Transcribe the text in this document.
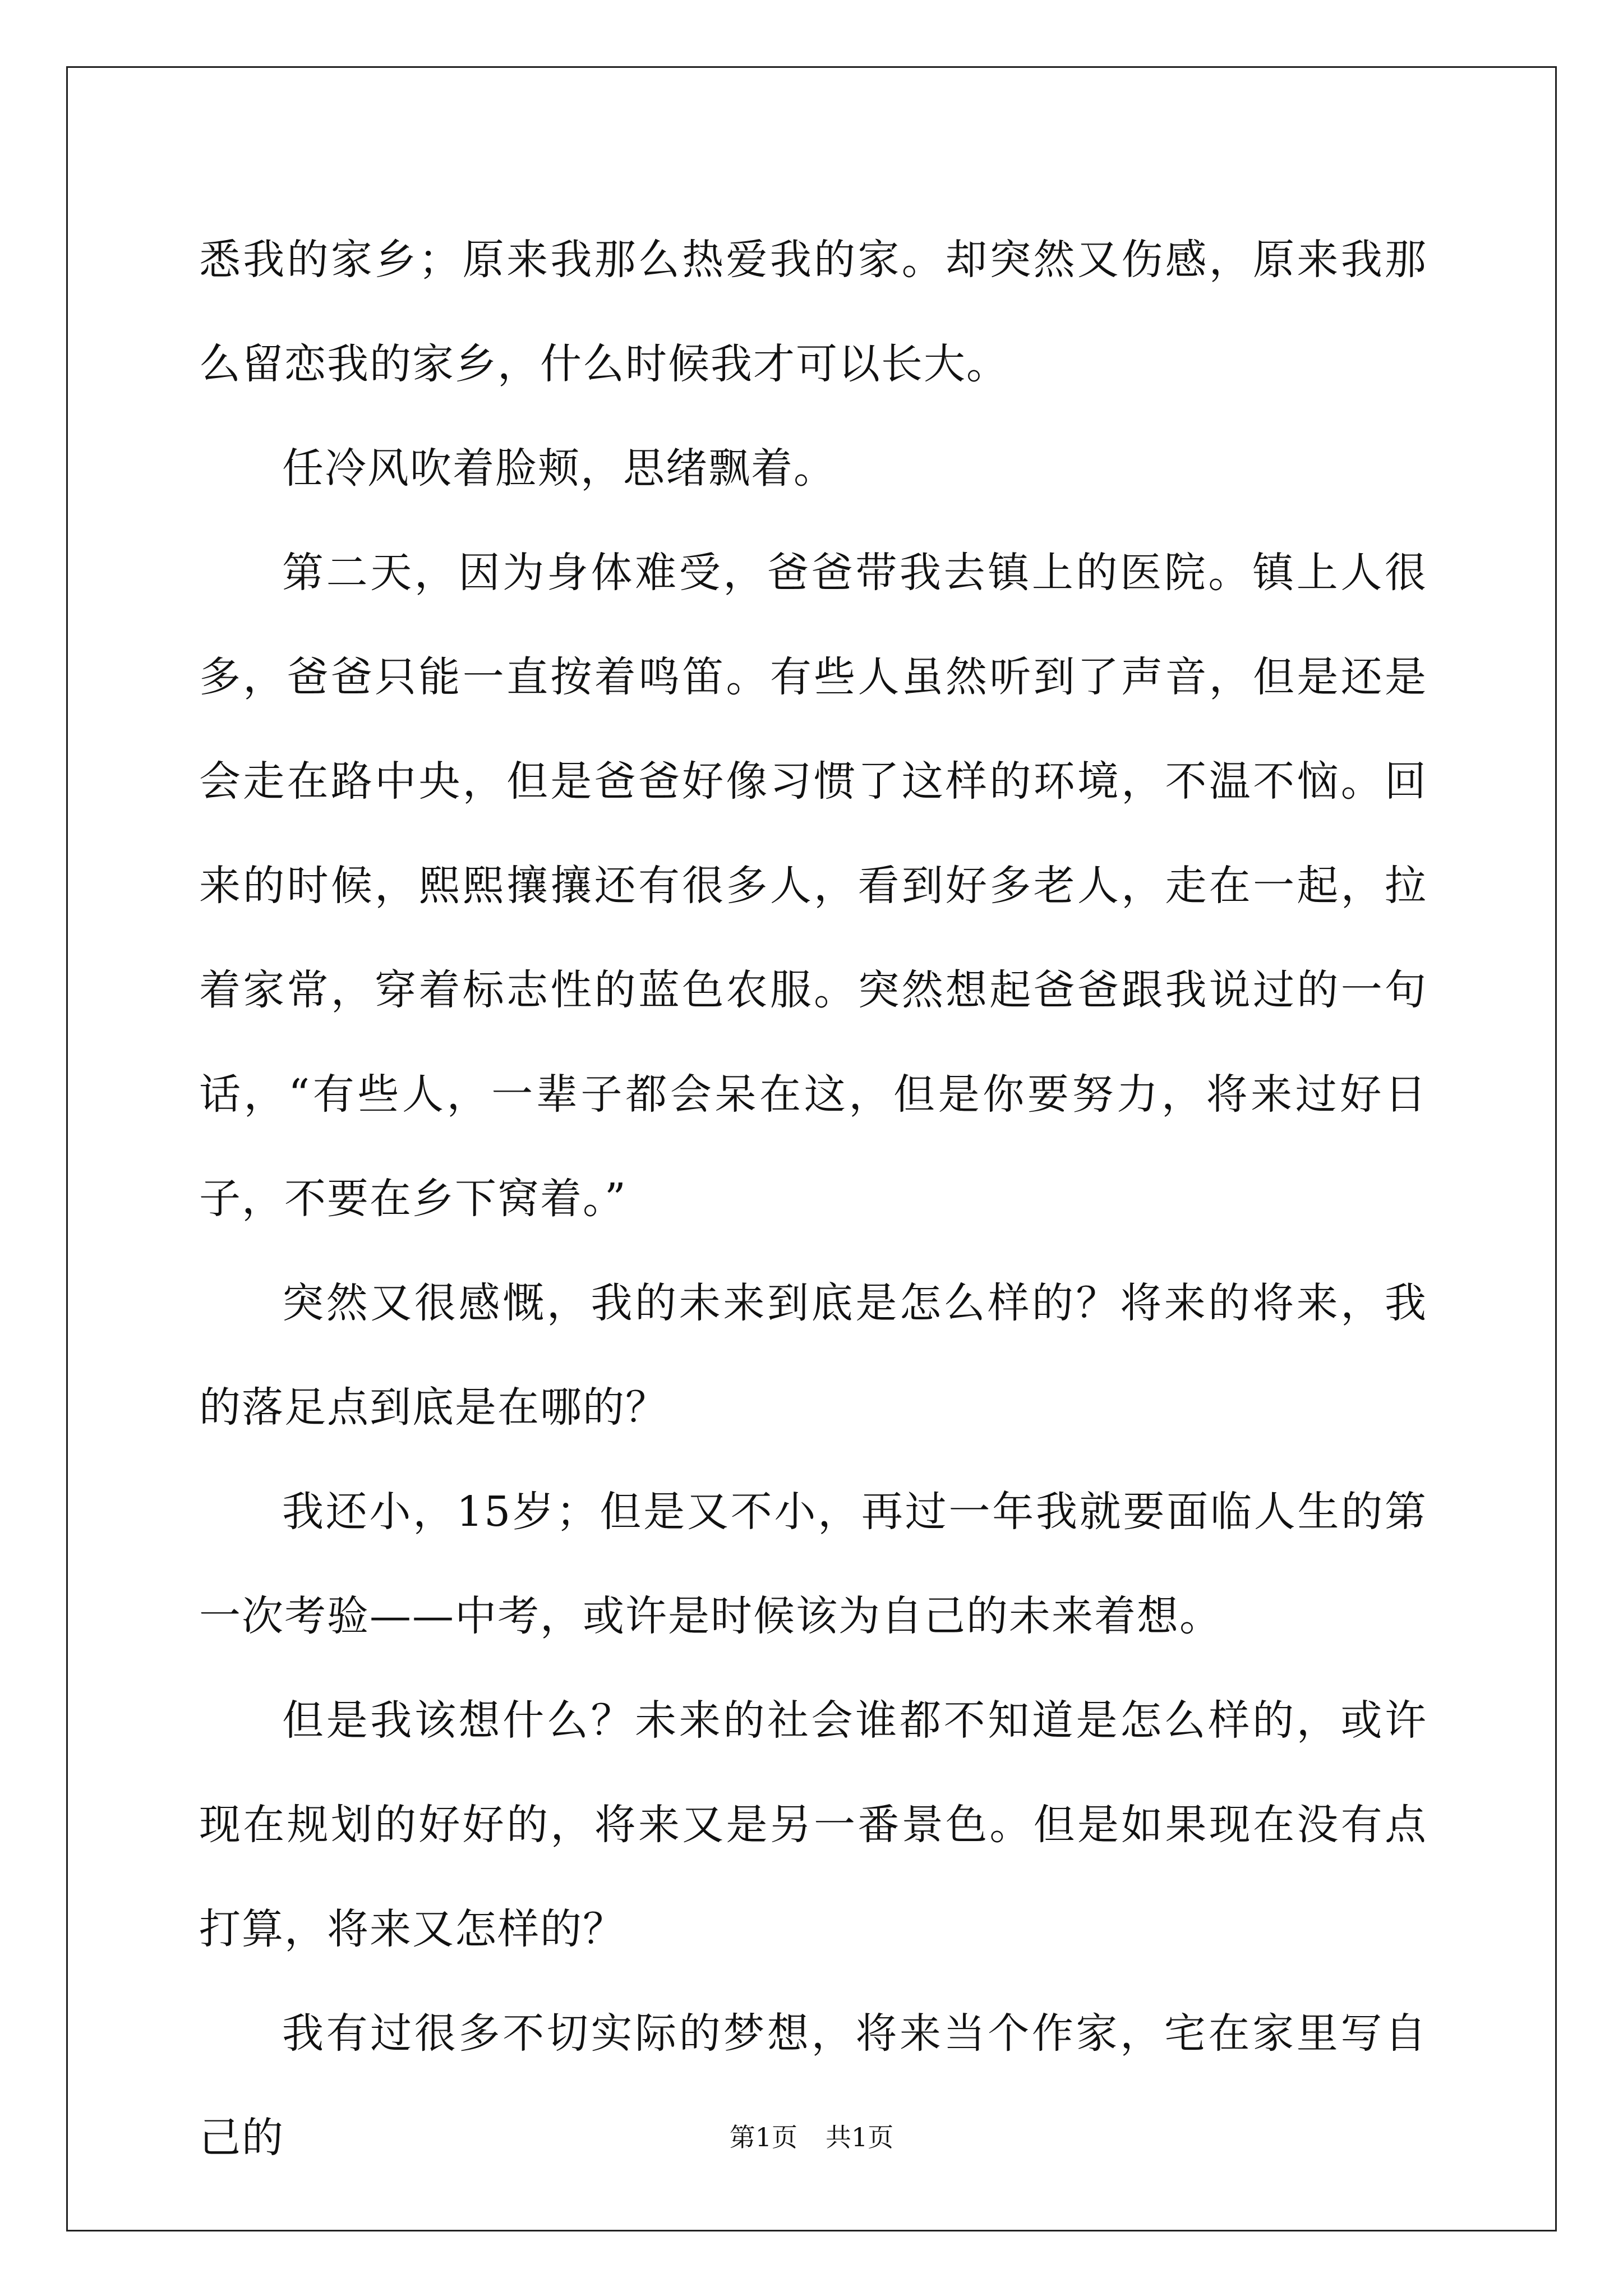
悉我的家乡；原来我那么热爱我的家。却突然又伤感，原来我那么留恋我的家乡，什么时候我才可以长大。

任冷风吹着脸颊，思绪飘着。

第二天，因为身体难受，爸爸带我去镇上的医院。镇上人很多，爸爸只能一直按着鸣笛。有些人虽然听到了声音，但是还是会走在路中央，但是爸爸好像习惯了这样的环境，不温不恼。回来的时候，熙熙攘攘还有很多人，看到好多老人，走在一起，拉着家常，穿着标志性的蓝色农服。突然想起爸爸跟我说过的一句话，“有些人，一辈子都会呆在这，但是你要努力，将来过好日子，不要在乡下窝着。”

突然又很感慨，我的未来到底是怎么样的？将来的将来，我的落足点到底是在哪的？

我还小，15岁；但是又不小，再过一年我就要面临人生的第一次考验——中考，或许是时候该为自己的未来着想。

但是我该想什么？未来的社会谁都不知道是怎么样的，或许现在规划的好好的，将来又是另一番景色。但是如果现在没有点打算，将来又怎样的？

我有过很多不切实际的梦想，将来当个作家，宅在家里写自己的	第1页 共1页
